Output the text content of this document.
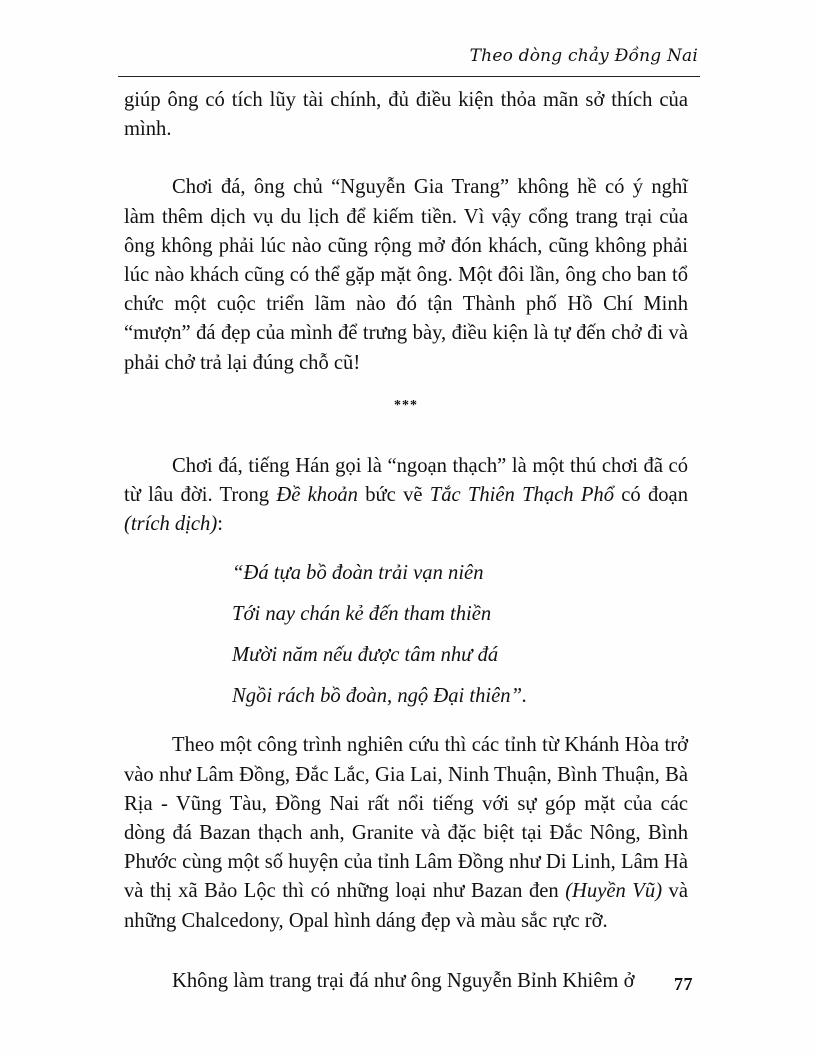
Theo dòng chảy Đồng Nai

giúp ông có tích lũy tài chính, đủ điều kiện thỏa mãn sở thích của mình.

Chơi đá, ông chủ “Nguyễn Gia Trang” không hề có ý nghĩ làm thêm dịch vụ du lịch để kiếm tiền. Vì vậy cổng trang trại của ông không phải lúc nào cũng rộng mở đón khách, cũng không phải lúc nào khách cũng có thể gặp mặt ông. Một đôi lần, ông cho ban tổ chức một cuộc triển lãm nào đó tận Thành phố Hồ Chí Minh “mượn” đá đẹp của mình để trưng bày, điều kiện là tự đến chở đi và phải chở trả lại đúng chỗ cũ!

***

Chơi đá, tiếng Hán gọi là “ngoạn thạch” là một thú chơi đã có từ lâu đời. Trong Đề khoản bức vẽ Tắc Thiên Thạch Phổ có đoạn (trích dịch):

“Đá tựa bồ đoàn trải vạn niên
Tới nay chán kẻ đến tham thiền
Mười năm nếu được tâm như đá
Ngồi rách bồ đoàn, ngộ Đại thiên”.

Theo một công trình nghiên cứu thì các tỉnh từ Khánh Hòa trở vào như Lâm Đồng, Đắc Lắc, Gia Lai, Ninh Thuận, Bình Thuận, Bà Rịa - Vũng Tàu, Đồng Nai rất nổi tiếng với sự góp mặt của các dòng đá Bazan thạch anh, Granite và đặc biệt tại Đắc Nông, Bình Phước cùng một số huyện của tỉnh Lâm Đồng như Di Linh, Lâm Hà và thị xã Bảo Lộc thì có những loại như Bazan đen (Huyền Vũ) và những Chalcedony, Opal hình dáng đẹp và màu sắc rực rỡ.

Không làm trang trại đá như ông Nguyễn Bỉnh Khiêm ở	77
